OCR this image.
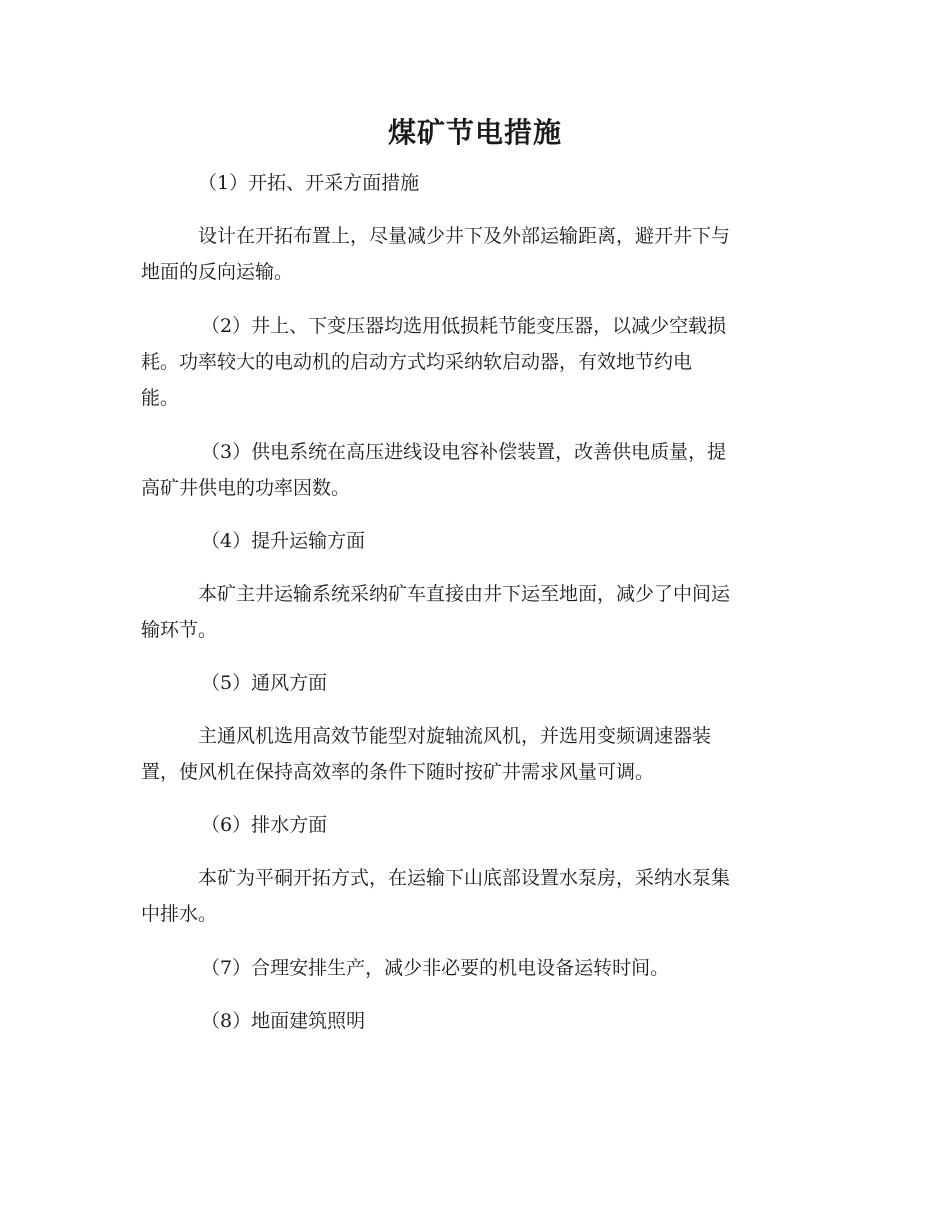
煤矿节电措施

（1）开拓、开采方面措施

设计在开拓布置上，尽量减少井下及外部运输距离，避开井下与
地面的反向运输。

（2）井上、下变压器均选用低损耗节能变压器，以减少空载损
耗。功率较大的电动机的启动方式均采纳软启动器，有效地节约电
能。

（3）供电系统在高压进线设电容补偿装置，改善供电质量，提
高矿井供电的功率因数。

（4）提升运输方面

本矿主井运输系统采纳矿车直接由井下运至地面，减少了中间运
输环节。

（5）通风方面

主通风机选用高效节能型对旋轴流风机，并选用变频调速器装
置，使风机在保持高效率的条件下随时按矿井需求风量可调。

（6）排水方面

本矿为平硐开拓方式，在运输下山底部设置水泵房，采纳水泵集
中排水。

（7）合理安排生产，减少非必要的机电设备运转时间。

（8）地面建筑照明
